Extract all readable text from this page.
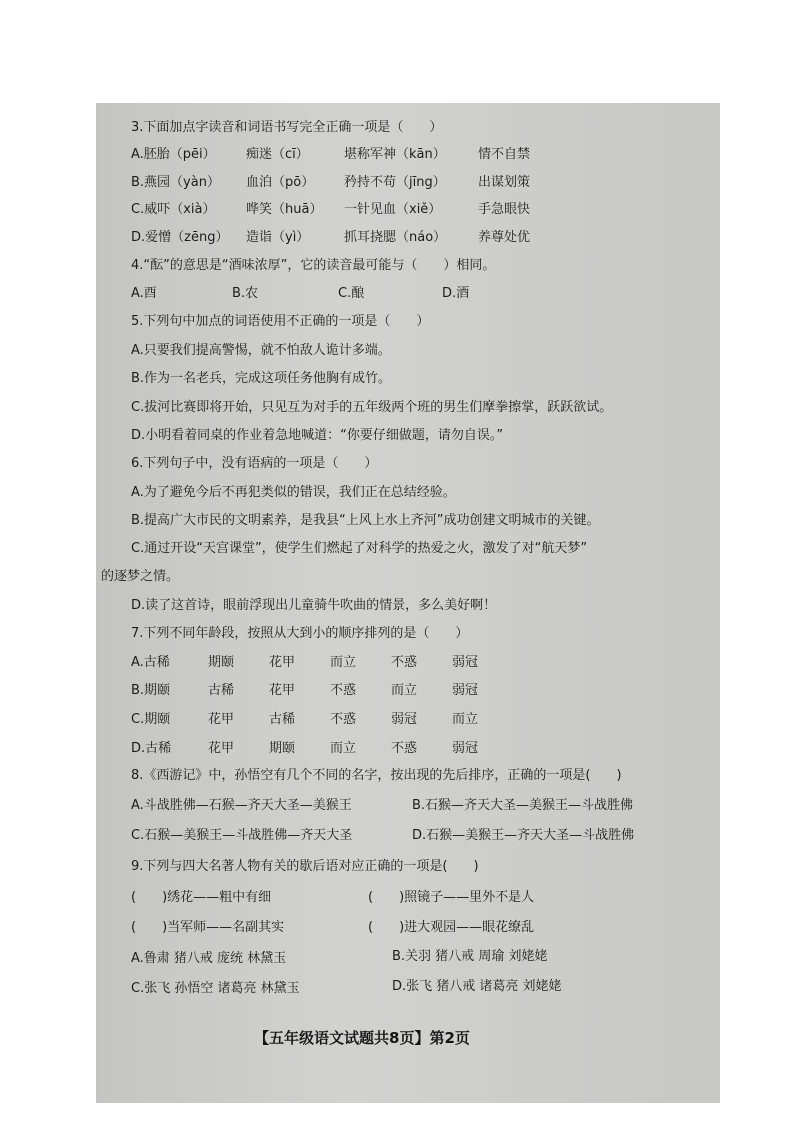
3.下面加点字读音和词语书写完全正确一项是（　　）
A.胚胎（pēi） 痴迷（cī）	堪称军神（kān） 情不自禁
B.燕园（yàn） 血泊（pō） 矜持不苟（jīng） 出谋划策
C.威吓（xià） 哗笑（huā） 一针见血（xiě）	手急眼快
D.爱憎（zēng） 造诣（yì）	抓耳挠腮（náo） 养尊处优
4.“酝”的意思是“酒味浓厚”，它的读音最可能与（　　）相同。
A.酉	B.农	C.酿	D.酒
5.下列句中加点的词语使用不正确的一项是（　　）
A.只要我们提高警惕，就不怕敌人诡计多端。
B.作为一名老兵，完成这项任务他胸有成竹。
C.拔河比赛即将开始，只见互为对手的五年级两个班的男生们摩拳擦掌，跃跃欲试。
D.小明看着同桌的作业着急地喊道：“你要仔细做题，请勿自误。”
6.下列句子中，没有语病的一项是（　　）
A.为了避免今后不再犯类似的错误，我们正在总结经验。
B.提高广大市民的文明素养，是我县“上风上水上齐河”成功创建文明城市的关键。
C.通过开设“天宫课堂”，使学生们燃起了对科学的热爱之火，激发了对“航天梦”
的逐梦之情。
D.读了这首诗，眼前浮现出儿童骑牛吹曲的情景，多么美好啊！
7.下列不同年龄段，按照从大到小的顺序排列的是（　　）
A.古稀	期颐	花甲	而立	不惑	弱冠
B.期颐	古稀	花甲	不惑	而立	弱冠
C.期颐	花甲	古稀	不惑	弱冠	而立
D.古稀	花甲	期颐	而立	不惑	弱冠
8.《西游记》中，孙悟空有几个不同的名字，按出现的先后排序，正确的一项是(　　)
A.斗战胜佛—石猴—齐天大圣—美猴王	B.石猴—齐天大圣—美猴王—斗战胜佛
C.石猴—美猴王—斗战胜佛—齐天大圣	D.石猴—美猴王—齐天大圣—斗战胜佛
9.下列与四大名著人物有关的歇后语对应正确的一项是(　　)
(　　)绣花——粗中有细	(　　)照镜子——里外不是人
(　　)当军师——名副其实	(　　)进大观园——眼花缭乱
A.鲁肃 猪八戒 庞统 林黛玉	B.关羽 猪八戒 周瑜 刘姥姥
C.张飞 孙悟空 诸葛亮 林黛玉	D.张飞 猪八戒 诸葛亮 刘姥姥
【五年级语文试题共8页】第2页
